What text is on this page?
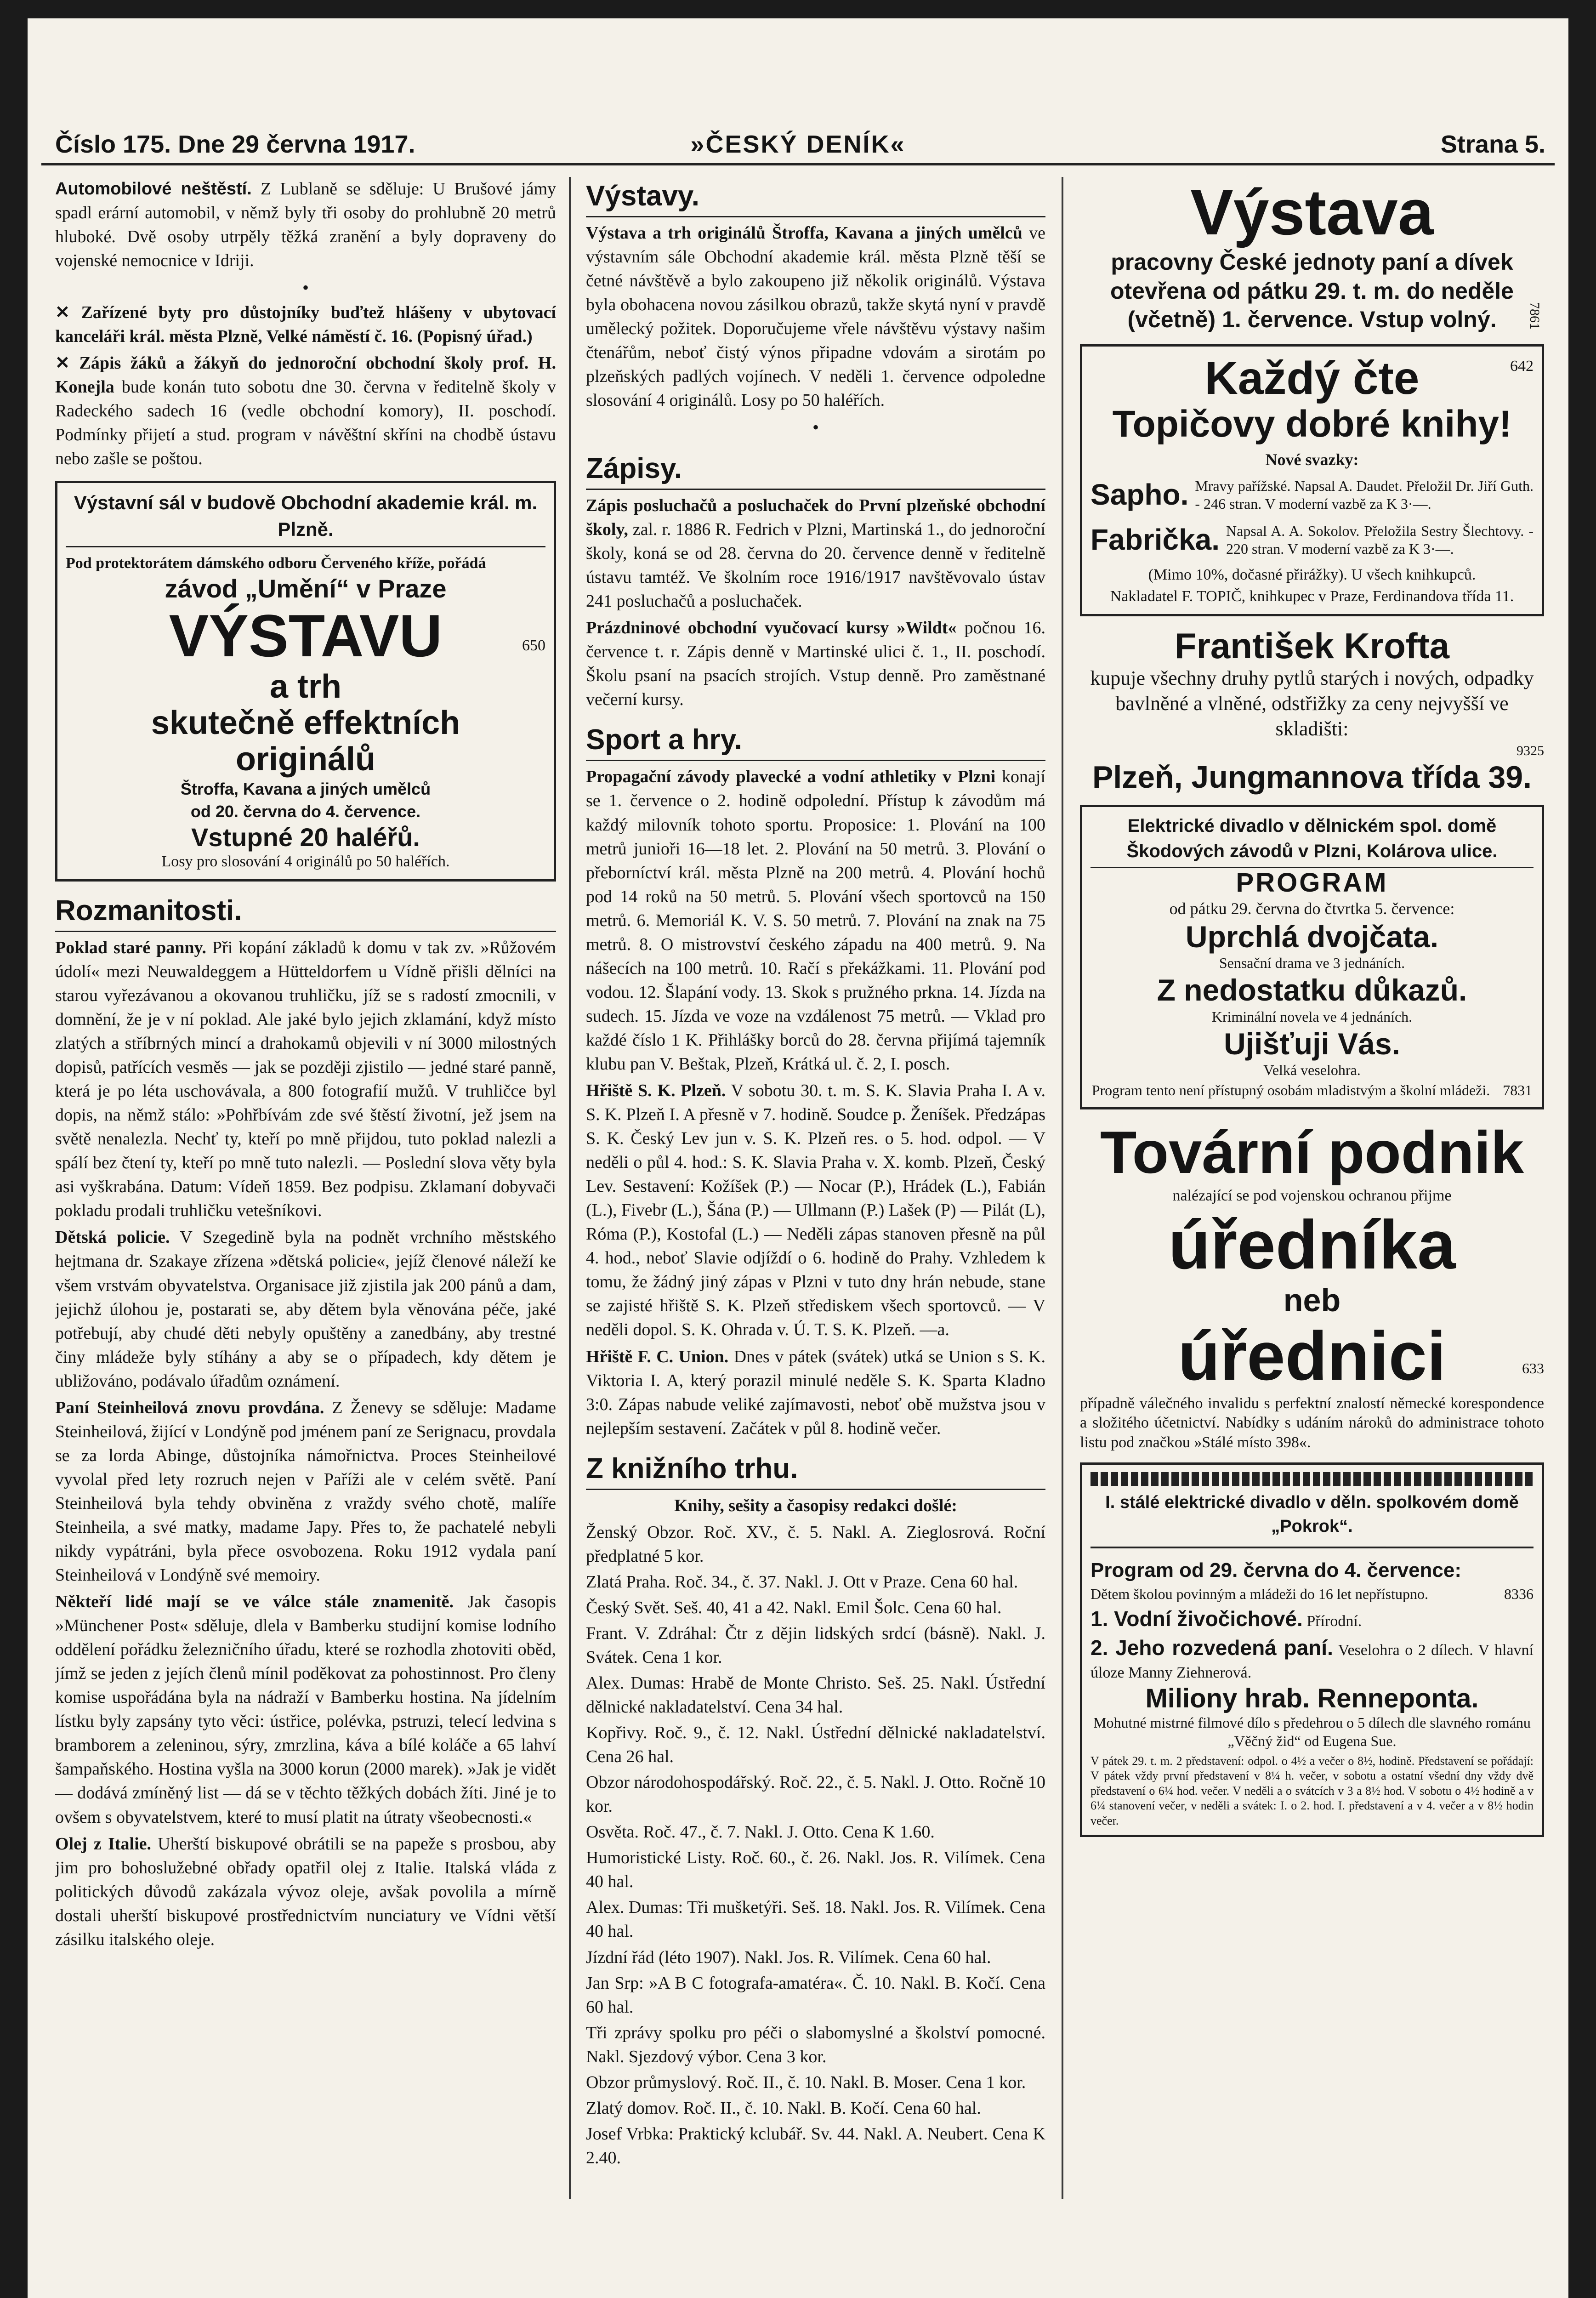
Číslo 175. Dne 29 června 1917.	»ČESKÝ DENÍK«	Strana 5.
Automobilové neštěstí. Z Lublaně se sděluje: U Brušové jámy spadl erární automobil, v němž byly tři osoby do prohlubně 20 metrů hluboké. Dvě osoby utrpěly těžká zranění a byly dopraveny do vojenské nemocnice v Idriji.
•
✕ Zařízené byty pro důstojníky buďtež hlášeny v ubytovací kanceláři král. města Plzně, Velké náměstí č. 16. (Popisný úřad.)
✕ Zápis žáků a žákyň do jednoroční obchodní školy prof. H. Konejla bude konán tuto sobotu dne 30. června v ředitelně školy v Radeckého sadech 16 (vedle obchodní komory), II. poschodí. Podmínky přijetí a stud. program v návěštní skříni na chodbě ústavu nebo zašle se poštou.
Výstavní sál v budově Obchodní akademie král. m. Plzně.
Pod protektorátem dámského odboru Červeného kříže, pořádá
závod „Umění“ v Praze
VÝSTAVU	650
a trh
skutečně effektních
originálů
Štroffa, Kavana a jiných umělců
od 20. června do 4. července.
Vstupné 20 haléřů.
Losy pro slosování 4 originálů po 50 haléřích.
Rozmanitosti.
Poklad staré panny. Při kopání základů k domu v tak zv. »Růžovém údolí« mezi Neuwaldeggem a Hütteldorfem u Vídně přišli dělníci na starou vyřezávanou a okovanou truhličku, jíž se s radostí zmocnili, v domnění, že je v ní poklad. Ale jaké bylo jejich zklamání, když místo zlatých a stříbrných mincí a drahokamů objevili v ní 3000 milostných dopisů, patřících vesměs — jak se později zjistilo — jedné staré panně, která je po léta uschovávala, a 800 fotografií mužů. V truhličce byl dopis, na němž stálo: »Pohřbívám zde své štěstí životní, jež jsem na světě nenalezla. Nechť ty, kteří po mně přijdou, tuto poklad nalezli a spálí bez čtení ty, kteří po mně tuto nalezli. — Poslední slova věty byla asi vyškrabána. Datum: Vídeň 1859. Bez podpisu. Zklamaní dobyvači pokladu prodali truhličku vetešníkovi.
Dětská policie. V Szegedině byla na podnět vrchního městského hejtmana dr. Szakaye zřízena »dětská policie«, jejíž členové náleží ke všem vrstvám obyvatelstva. Organisace již zjistila jak 200 pánů a dam, jejichž úlohou je, postarati se, aby dětem byla věnována péče, jaké potřebují, aby chudé děti nebyly opuštěny a zanedbány, aby trestné činy mládeže byly stíhány a aby se o případech, kdy dětem je ubližováno, podávalo úřadům oznámení.
Paní Steinheilová znovu provdána. Z Ženevy se sděluje: Madame Steinheilová, žijící v Londýně pod jménem paní ze Serignacu, provdala se za lorda Abinge, důstojníka námořnictva. Proces Steinheilové vyvolal před lety rozruch nejen v Paříži ale v celém světě. Paní Steinheilová byla tehdy obviněna z vraždy svého chotě, malíře Steinheila, a své matky, madame Japy. Přes to, že pachatelé nebyli nikdy vypátráni, byla přece osvobozena. Roku 1912 vydala paní Steinheilová v Londýně své memoiry.
Někteří lidé mají se ve válce stále znamenitě. Jak časopis »Münchener Post« sděluje, dlela v Bamberku studijní komise lodního oddělení pořádku železničního úřadu, které se rozhodla zhotoviti oběd, jímž se jeden z jejích členů mínil poděkovat za pohostinnost. Pro členy komise uspořádána byla na nádraží v Bamberku hostina. Na jídelním lístku byly zapsány tyto věci: ústřice, polévka, pstruzi, telecí ledvina s bramborem a zeleninou, sýry, zmrzlina, káva a bílé koláče a 65 lahví šampaňského. Hostina vyšla na 3000 korun (2000 marek). »Jak je vidět — dodává zmíněný list — dá se v těchto těžkých dobách žíti. Jiné je to ovšem s obyvatelstvem, které to musí platit na útraty všeobecnosti.«
Olej z Italie. Uherští biskupové obrátili se na papeže s prosbou, aby jim pro bohoslužebné obřady opatřil olej z Italie. Italská vláda z politických důvodů zakázala vývoz oleje, avšak povolila a mírně dostali uherští biskupové prostřednictvím nunciatury ve Vídni větší zásilku italského oleje.
Výstavy.
Výstava a trh originálů Štroffa, Kavana a jiných umělců ve výstavním sále Obchodní akademie král. města Plzně těší se četné návštěvě a bylo zakoupeno již několik originálů. Výstava byla obohacena novou zásilkou obrazů, takže skytá nyní v pravdě umělecký požitek. Doporučujeme vřele návštěvu výstavy našim čtenářům, neboť čistý výnos připadne vdovám a sirotám po plzeňských padlých vojínech. V neděli 1. července odpoledne slosování 4 originálů. Losy po 50 haléřích.
•
Zápisy.
Zápis posluchačů a posluchaček do První plzeňské obchodní školy, zal. r. 1886 R. Fedrich v Plzni, Martinská 1., do jednoroční školy, koná se od 28. června do 20. července denně v ředitelně ústavu tamtéž. Ve školním roce 1916/1917 navštěvovalo ústav 241 posluchačů a posluchaček.
Prázdninové obchodní vyučovací kursy »Wildt« počnou 16. července t. r. Zápis denně v Martinské ulici č. 1., II. poschodí. Školu psaní na psacích strojích. Vstup denně. Pro zaměstnané večerní kursy.
Sport a hry.
Propagační závody plavecké a vodní athletiky v Plzni konají se 1. července o 2. hodině odpolední. Přístup k závodům má každý milovník tohoto sportu. Proposice: 1. Plování na 100 metrů junioři 16—18 let. 2. Plování na 50 metrů. 3. Plování o přeborníctví král. města Plzně na 200 metrů. 4. Plování hochů pod 14 roků na 50 metrů. 5. Plování všech sportovců na 150 metrů. 6. Memoriál K. V. S. 50 metrů. 7. Plování na znak na 75 metrů. 8. O mistrovství českého západu na 400 metrů. 9. Na nášecích na 100 metrů. 10. Račí s překážkami. 11. Plování pod vodou. 12. Šlapání vody. 13. Skok s pružného prkna. 14. Jízda na sudech. 15. Jízda ve voze na vzdálenost 75 metrů. — Vklad pro každé číslo 1 K. Přihlášky borců do 28. června přijímá tajemník klubu pan V. Beštak, Plzeň, Krátká ul. č. 2, I. posch.
Hřiště S. K. Plzeň. V sobotu 30. t. m. S. K. Slavia Praha I. A v. S. K. Plzeň I. A přesně v 7. hodině. Soudce p. Ženíšek. Předzápas S. K. Český Lev jun v. S. K. Plzeň res. o 5. hod. odpol. — V neděli o půl 4. hod.: S. K. Slavia Praha v. X. komb. Plzeň, Český Lev. Sestavení: Kožíšek (P.) — Nocar (P.), Hrádek (L.), Fabián (L.), Fivebr (L.), Šána (P.) — Ullmann (P.) Lašek (P) — Pilát (L), Róma (P.), Kostofal (L.) — Neděli zápas stanoven přesně na půl 4. hod., neboť Slavie odjíždí o 6. hodině do Prahy. Vzhledem k tomu, že žádný jiný zápas v Plzni v tuto dny hrán nebude, stane se zajisté hřiště S. K. Plzeň střediskem všech sportovců. — V neděli dopol. S. K. Ohrada v. Ú. T. S. K. Plzeň. —a.
Hřiště F. C. Union. Dnes v pátek (svátek) utká se Union s S. K. Viktoria I. A, který porazil minulé neděle S. K. Sparta Kladno 3:0. Zápas nabude veliké zajímavosti, neboť obě mužstva jsou v nejlepším sestavení. Začátek v půl 8. hodině večer.
Z knižního trhu.
Knihy, sešity a časopisy redakci došlé:
Ženský Obzor. Roč. XV., č. 5. Nakl. A. Zieglosrová. Roční předplatné 5 kor.
Zlatá Praha. Roč. 34., č. 37. Nakl. J. Ott v Praze. Cena 60 hal.
Český Svět. Seš. 40, 41 a 42. Nakl. Emil Šolc. Cena 60 hal.
Frant. V. Zdráhal: Čtr z dějin lidských srdcí (básně). Nakl. J. Svátek. Cena 1 kor.
Alex. Dumas: Hrabě de Monte Christo. Seš. 25. Nakl. Ústřední dělnické nakladatelství. Cena 34 hal.
Kopřivy. Roč. 9., č. 12. Nakl. Ústřední dělnické nakladatelství. Cena 26 hal.
Obzor národohospodářský. Roč. 22., č. 5. Nakl. J. Otto. Ročně 10 kor.
Osvěta. Roč. 47., č. 7. Nakl. J. Otto. Cena K 1.60.
Humoristické Listy. Roč. 60., č. 26. Nakl. Jos. R. Vilímek. Cena 40 hal.
Alex. Dumas: Tři mušketýři. Seš. 18. Nakl. Jos. R. Vilímek. Cena 40 hal.
Jízdní řád (léto 1907). Nakl. Jos. R. Vilímek. Cena 60 hal.
Jan Srp: »A B C fotografa-amatéra«. Č. 10. Nakl. B. Kočí. Cena 60 hal.
Tři zprávy spolku pro péči o slabomyslné a školství pomocné. Nakl. Sjezdový výbor. Cena 3 kor.
Obzor průmyslový. Roč. II., č. 10. Nakl. B. Moser. Cena 1 kor.
Zlatý domov. Roč. II., č. 10. Nakl. B. Kočí. Cena 60 hal.
Josef Vrbka: Praktický kclubář. Sv. 44. Nakl. A. Neubert. Cena K 2.40.
Výstava
pracovny České jednoty paní a dívek otevřena od pátku 29. t. m. do neděle (včetně) 1. července. Vstup volný.	7861
642
Každý čte
Topičovy dobré knihy!
Nové svazky:
Sapho. Mravy pařížské. Napsal A. Daudet. Přeložil Dr. Jiří Guth. - 246 stran. V moderní vazbě za K 3·—.
Fabrička. Napsal A. A. Sokolov. Přeložila Sestry Šlechtovy. - 220 stran. V moderní vazbě za K 3·—.
(Mimo 10%, dočasné přirážky). U všech knihkupců.
Nakladatel F. TOPIČ, knihkupec v Praze, Ferdinandova třída 11.
František Krofta
kupuje všechny druhy pytlů starých i nových, odpadky bavlněné a vlněné, odstřižky za ceny nejvyšší ve skladišti:
9325
Plzeň, Jungmannova třída 39.
Elektrické divadlo v dělnickém spol. domě Škodových závodů v Plzni, Kolárova ulice.
PROGRAM
od pátku 29. června do čtvrtka 5. července:
Uprchlá dvojčata.
Sensační drama ve 3 jednáních.
Z nedostatku důkazů.
Kriminální novela ve 4 jednáních.
Ujišťuji Vás.
Velká veselohra.
Program tento není přístupný osobám mladistvým a školní mládeži. 7831
Tovární podnik
nalézající se pod vojenskou ochranou přijme
úředníka
neb
633
úřednici
případně válečného invalidu s perfektní znalostí německé korespondence a složitého účetnictví. Nabídky s udáním nároků do administrace tohoto listu pod značkou »Stálé místo 398«.
I. stálé elektrické divadlo v děln. spolkovém domě „Pokrok“.
Program od 29. června do 4. července:
Dětem školou povinným a mládeži do 16 let nepřístupno.	8336
1. Vodní živočichové. Přírodní.
2. Jeho rozvedená paní. Veselohra o 2 dílech. V hlavní úloze Manny Ziehnerová.
Miliony hrab. Renneponta.
Mohutné mistrné filmové dílo s předehrou o 5 dílech dle slavného románu „Věčný žid“ od Eugena Sue.
V pátek 29. t. m. 2 představení: odpol. o 4½ a večer o 8½, hodině. Představení se pořádají: V pátek vždy první představení v 8¼ h. večer, v sobotu a ostatní všední dny vždy dvě představení o 6¼ hod. večer. V neděli a o svátcích v 3 a 8½ hod. V sobotu o 4½ hodině a v 6¼ stanovení večer, v neděli a svátek: I. o 2. hod. I. představení a v 4. večer a v 8½ hodin večer.
